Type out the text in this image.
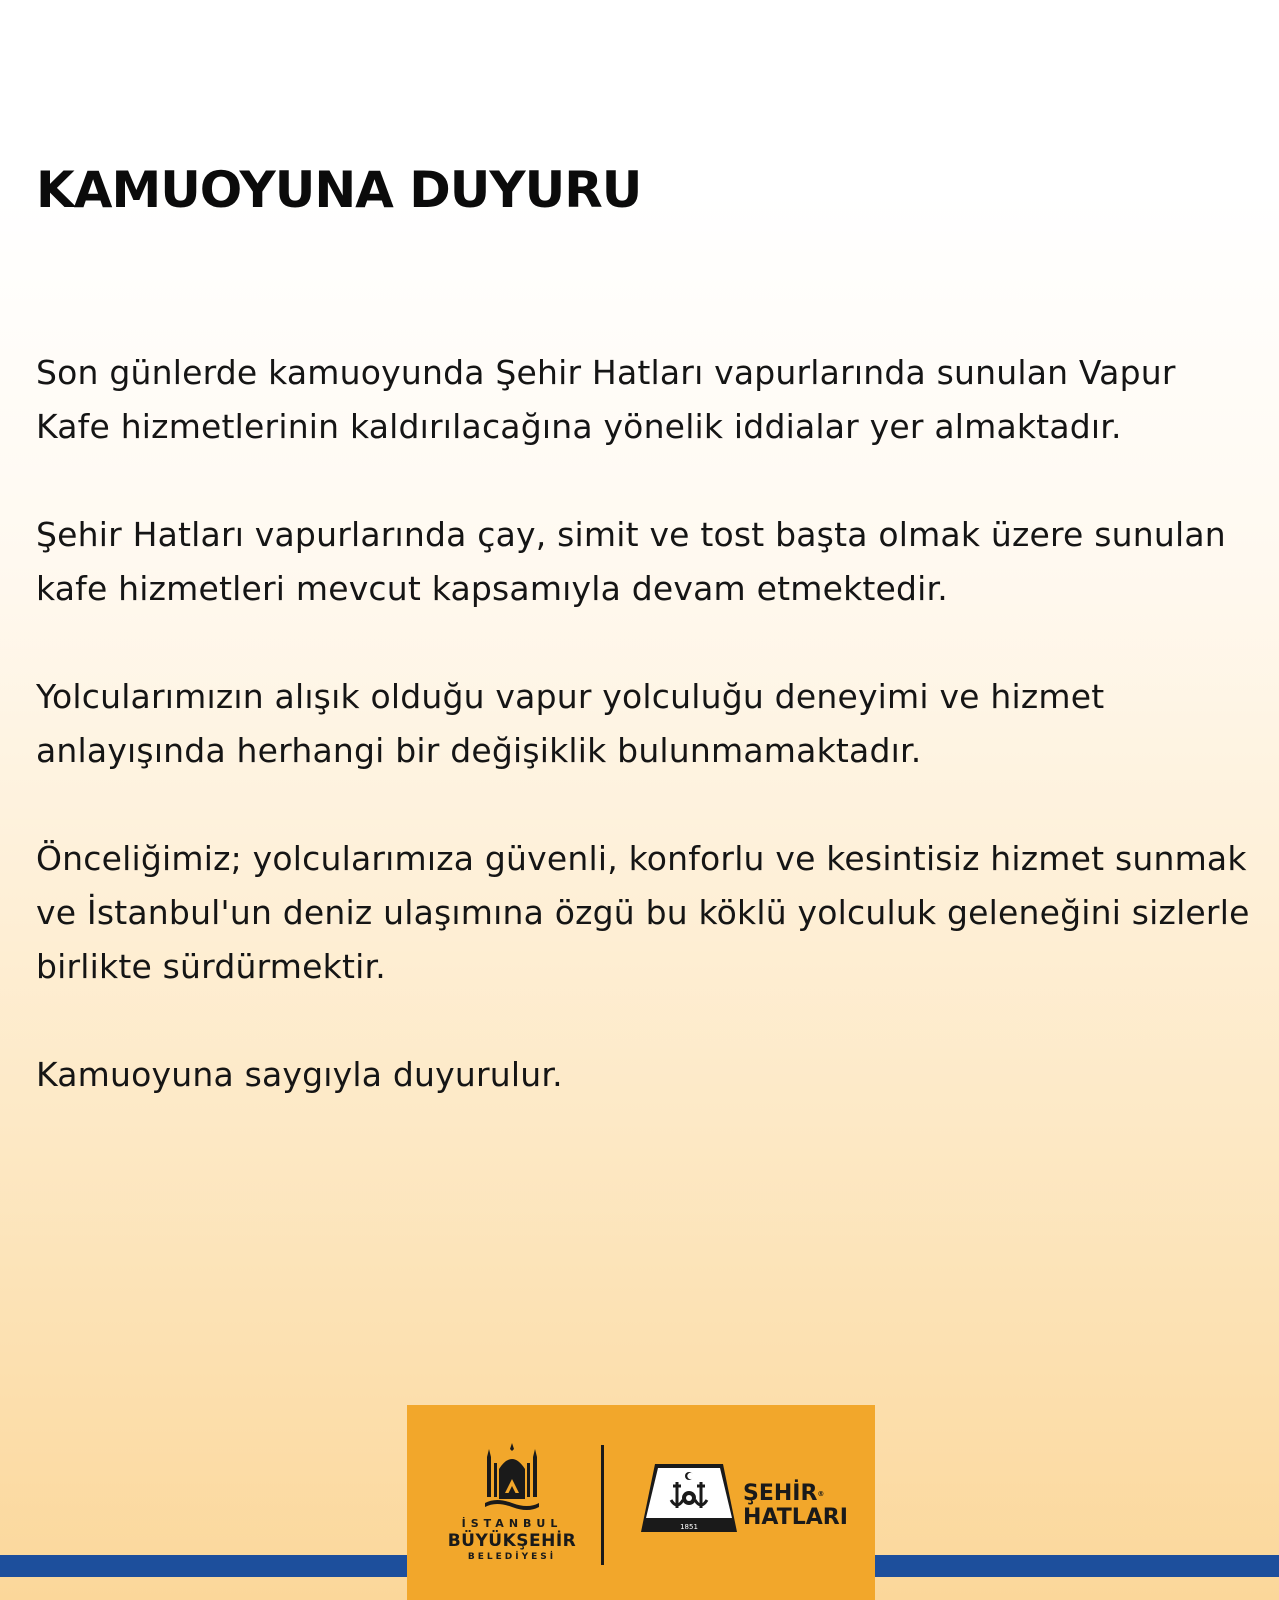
KAMUOYUNA DUYURU

Son günlerde kamuoyunda Şehir Hatları vapurlarında sunulan Vapur Kafe hizmetlerinin kaldırılacağına yönelik iddialar yer almaktadır.

Şehir Hatları vapurlarında çay, simit ve tost başta olmak üzere sunulan kafe hizmetleri mevcut kapsamıyla devam etmektedir.

Yolcularımızın alışık olduğu vapur yolculuğu deneyimi ve hizmet anlayışında herhangi bir değişiklik bulunmamaktadır.

Önceliğimiz; yolcularımıza güvenli, konforlu ve kesintisiz hizmet sunmak ve İstanbul'un deniz ulaşımına özgü bu köklü yolculuk geleneğini sizlerle birlikte sürdürmektir.

Kamuoyuna saygıyla duyurulur.

İSTANBUL
BÜYÜKŞEHİR
BELEDİYESİ
1851
ŞEHİR®
HATLARI
